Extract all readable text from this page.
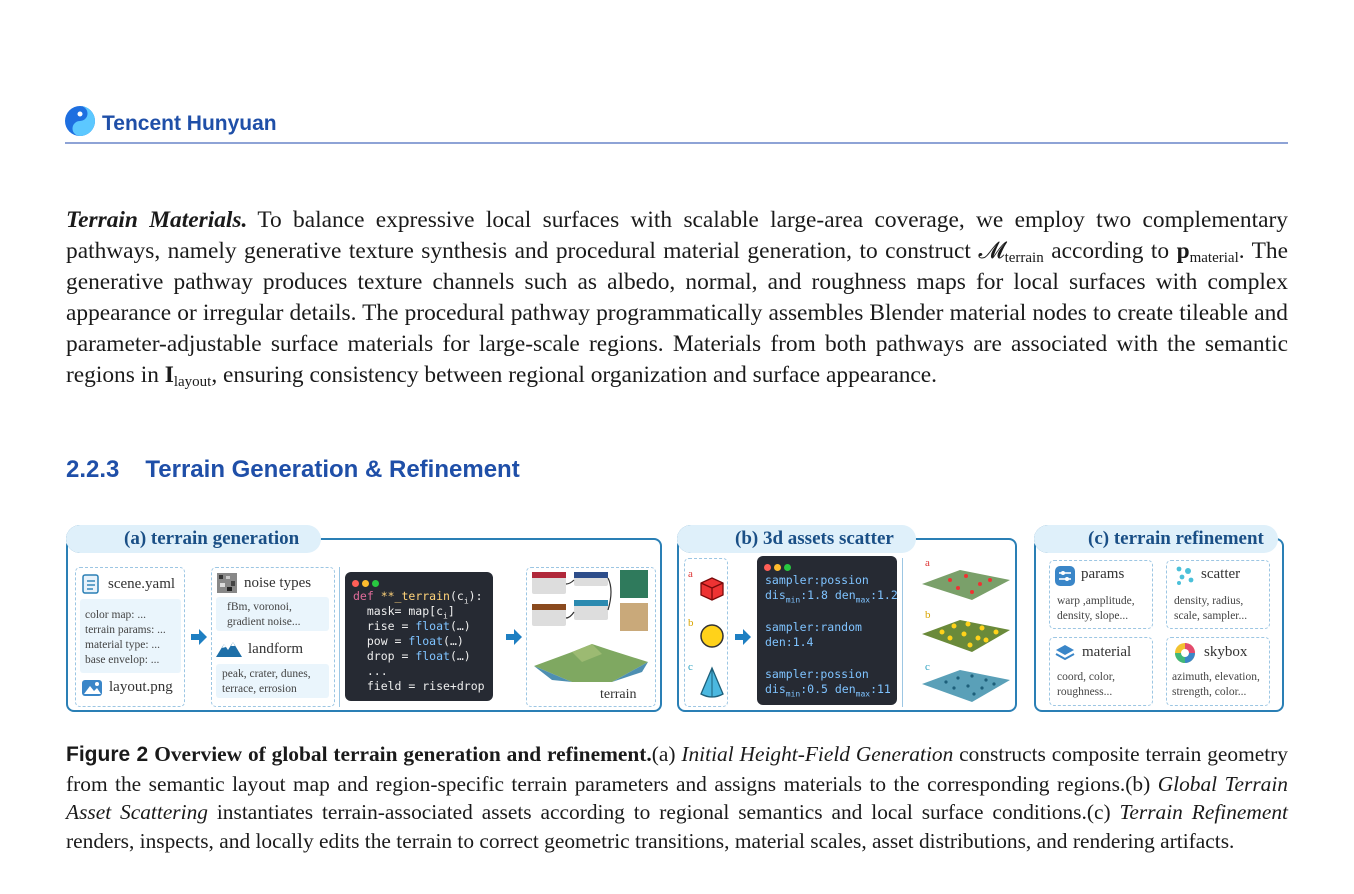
Tencent Hunyuan
Terrain Materials. To balance expressive local surfaces with scalable large-area coverage, we employ two complementary pathways, namely generative texture synthesis and procedural material generation, to construct 𝓜$_{terrain}$ according to $p_{material}$. The generative pathway produces texture channels such as albedo, normal, and roughness maps for local surfaces with complex appearance or irregular details. The procedural pathway programmatically assembles Blender material nodes to create tileable and parameter-adjustable surface materials for large-scale regions. Materials from both pathways are associated with the semantic regions in $I_{layout}$, ensuring consistency between regional organization and surface appearance.
2.2.3 Terrain Generation & Refinement
(a) terrain generation
scene.yaml
color map: ...
terrain params: ...
material type: ...
base envelop: ...
layout.png
noise types
fBm, voronoi,
gradient noise...
landform
peak, crater, dunes,
terrace, errosion
def $**\_terrain(c_i)$:
mask= $map[c_i]$
rise = float(…)
pow = float(…)
drop = float(…)
...
field = rise+drop
terrain
(b) 3d assets scatter
a
b
c
sampler:possion
dis$_{min}$:1.8 den$_{max}$:1.2
sampler:random
den:1.4
sampler:possion
dis$_{min}$:0.5 den$_{max}$:11
a
b
c
(c) terrain refinement
params
warp ,amplitude,
density, slope...
scatter
density, radius,
scale, sampler...
material
coord, color,
roughness...
skybox
azimuth, elevation,
strength, color...
Figure 2 Overview of global terrain generation and refinement.(a) Initial Height-Field Generation constructs composite terrain geometry from the semantic layout map and region-specific terrain parameters and assigns materials to the corresponding regions.(b) Global Terrain Asset Scattering instantiates terrain-associated assets according to regional semantics and local surface conditions.(c) Terrain Refinement renders, inspects, and locally edits the terrain to correct geometric transitions, material scales, asset distributions, and rendering artifacts.
